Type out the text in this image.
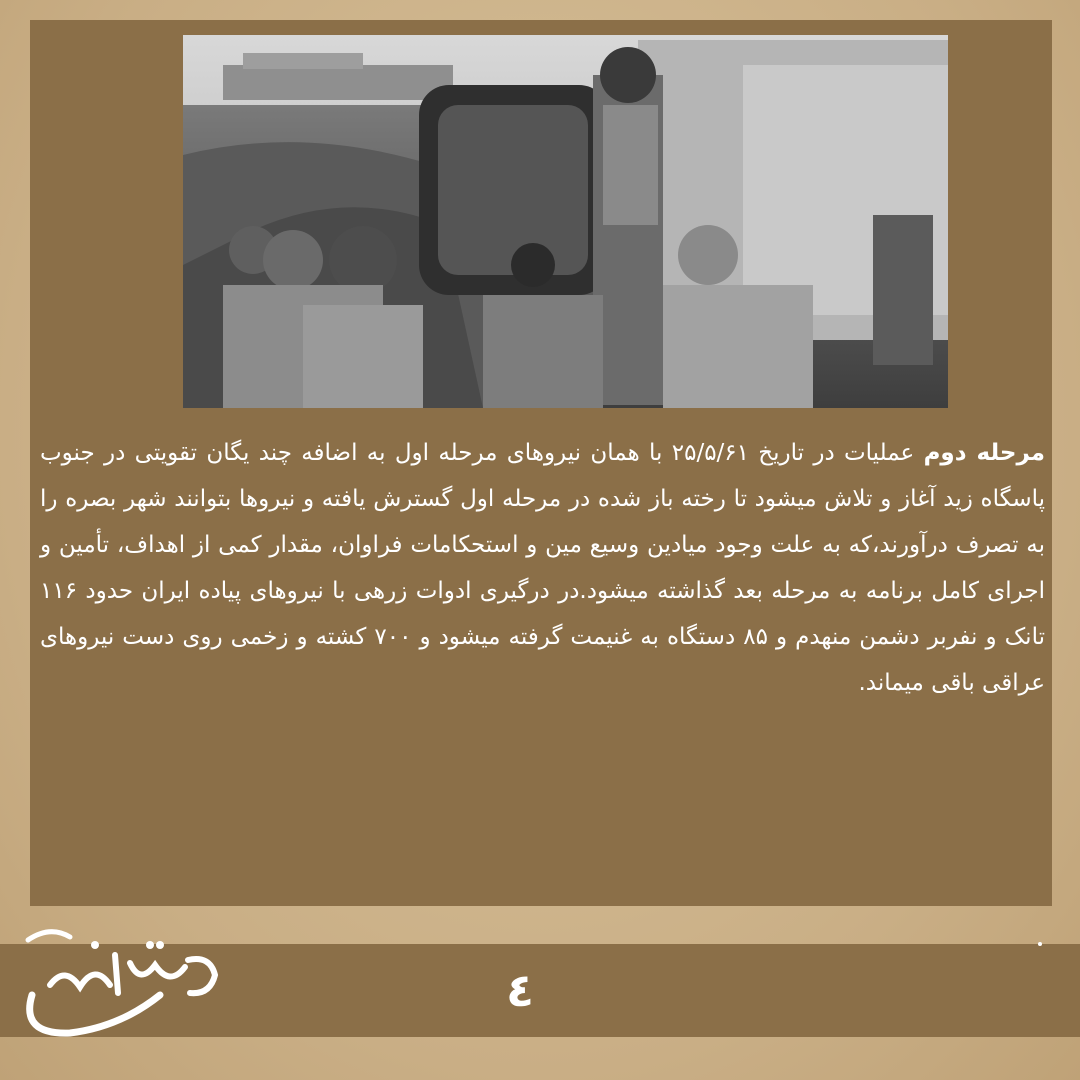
مرحله دوم عملیات در تاریخ ۲۵/۵/۶۱ با همان نیروهای مرحله اول به اضافه چند یگان تقویتی در جنوب پاسگاه زید آغاز و تلاش میشود تا رخته باز شده در مرحله اول گسترش یافته و نیروها بتوانند شهر بصره را به تصرف درآورند،که به علت وجود میادین وسیع مین و استحکامات فراوان، مقدار کمی از اهداف، تأمین و اجرای کامل برنامه به مرحله بعد گذاشته میشود.در درگیری ادوات زرهی با نیروهای پیاده ایران حدود ۱۱۶ تانک و نفربر دشمن منهدم و ۸۵ دستگاه به غنیمت گرفته میشود و ۷۰۰ کشته و زخمی روی دست نیروهای عراقی باقی میماند.
٤
